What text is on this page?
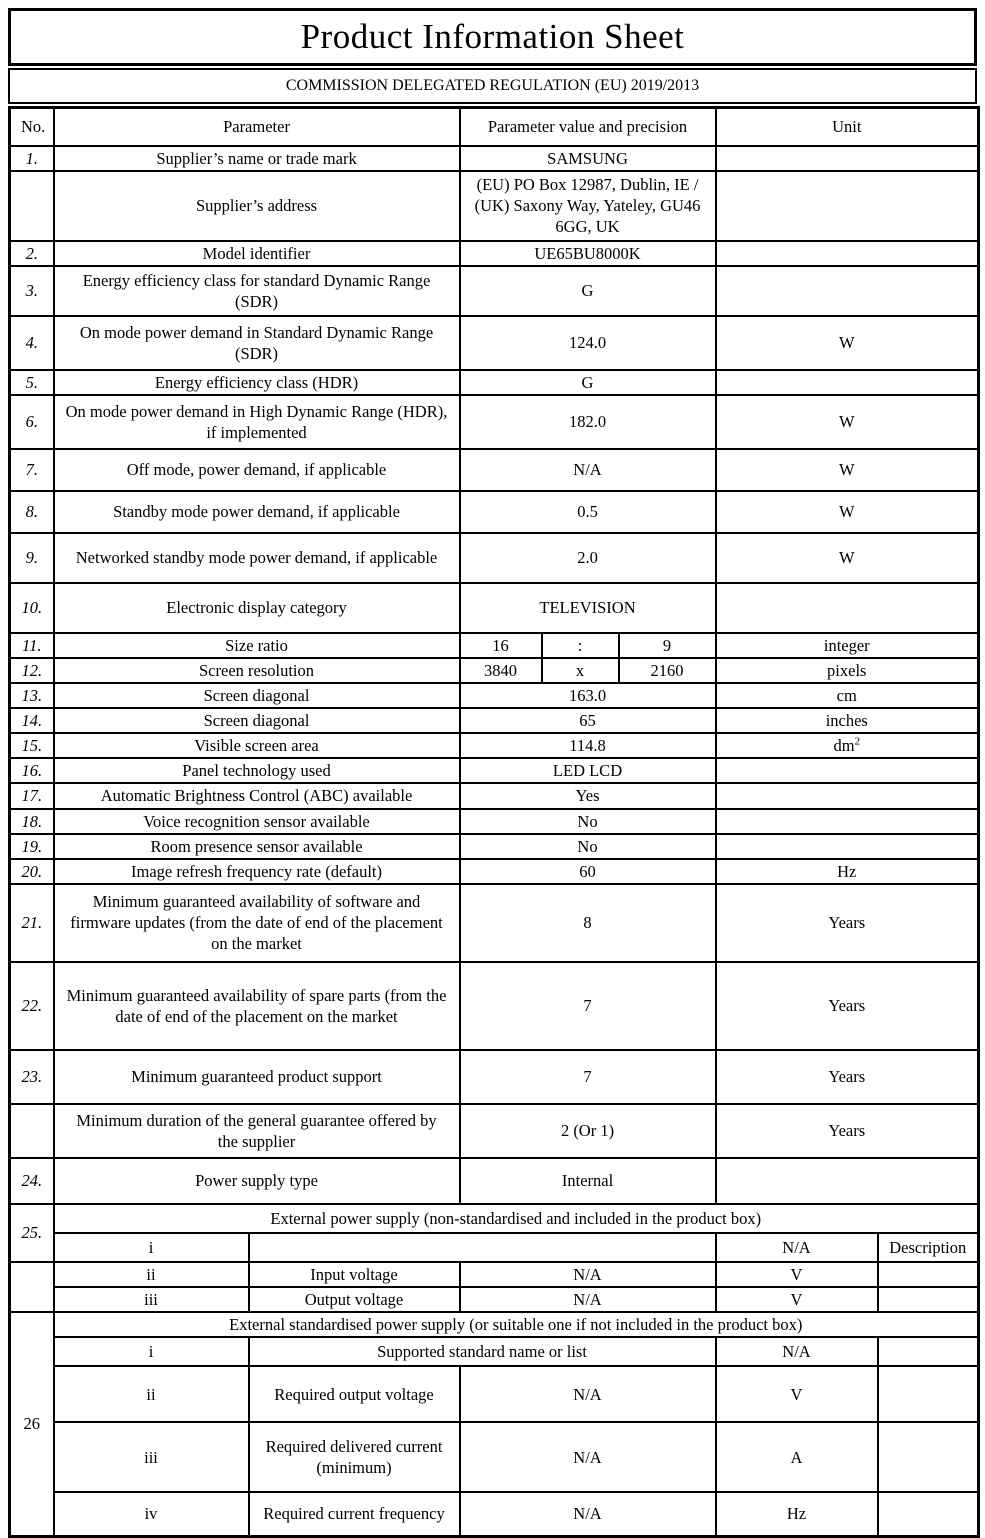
Product Information Sheet
COMMISSION DELEGATED REGULATION (EU) 2019/2013
No.	Parameter		Parameter value and precision			Unit	
1.	Supplier’s name or trade mark		SAMSUNG				
	Supplier’s address		(EU) PO Box 12987, Dublin, IE / (UK) Saxony Way, Yateley, GU46 6GG, UK				
2.	Model identifier		UE65BU8000K				
3.	Energy efficiency class for standard Dynamic Range (SDR)		G				
4.	On mode power demand in Standard Dynamic Range (SDR)		124.0			W	
5.	Energy efficiency class (HDR)		G				
6.	On mode power demand in High Dynamic Range (HDR), if implemented		182.0			W	
7.	Off mode, power demand, if applicable		N/A			W	
8.	Standby mode power demand, if applicable		0.5			W	
9.	Networked standby mode power demand, if applicable		2.0			W	
10.	Electronic display category		TELEVISION				
11.	Size ratio		16	:	9	integer	
12.	Screen resolution		3840	x	2160	pixels	
13.	Screen diagonal		163.0			cm	
14.	Screen diagonal		65			inches	
15.	Visible screen area		114.8			$dm^2$
16.	Panel technology used		LED LCD				
17.	Automatic Brightness Control (ABC) available		Yes				
18.	Voice recognition sensor available		No				
19.	Room presence sensor available		No				
20.	Image refresh frequency rate (default)		60			Hz	
21.	Minimum guaranteed availability of software and firmware updates (from the date of end of the placement on the market		8			Years	
22.	Minimum guaranteed availability of spare parts (from the date of end of the placement on the market		7			Years	
23.	Minimum guaranteed product support		7			Years	
	Minimum duration of the general guarantee offered by the supplier		2 (Or 1)			Years	
24.	Power supply type		Internal				
25.	External power supply (non-standardised and included in the product box)						
	i					N/A	Description
	ii	Input voltage	N/A			V	
	iii	Output voltage	N/A			V	
26	External standardised power supply (or suitable one if not included in the product box)						
	i	Supported standard name or list				N/A	
	ii	Required output voltage	N/A			V	
	iii	Required delivered current (minimum)	N/A			A	
	iv	Required current frequency	N/A			Hz	
